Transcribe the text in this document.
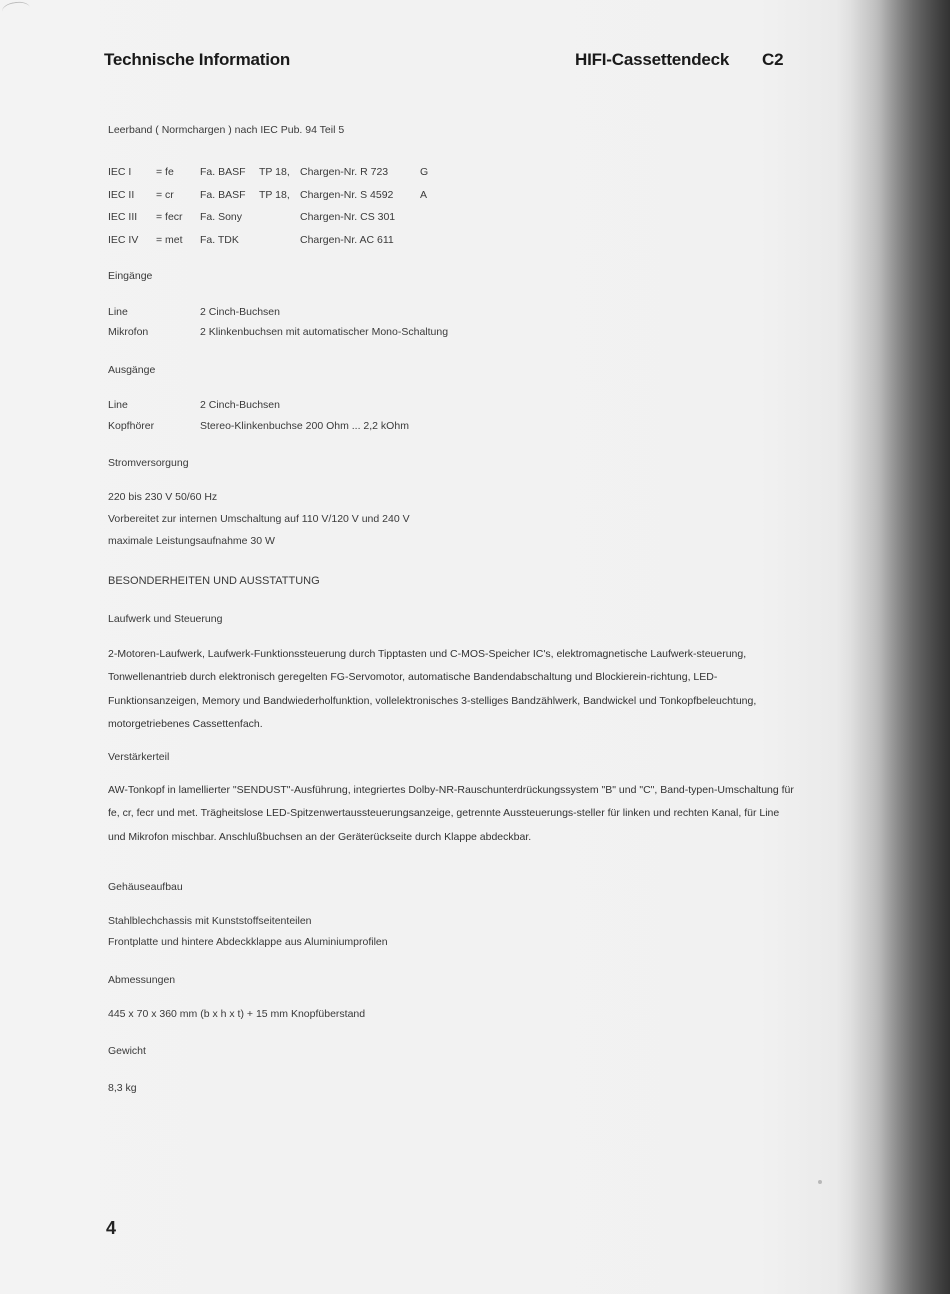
Technische Information	HIFI-Cassettendeck C2
Leerband ( Normchargen ) nach IEC Pub. 94 Teil 5
IEC I = fe Fa. BASF TP 18, Chargen-Nr. R 723	G
IEC II = cr Fa. BASF TP 18, Chargen-Nr. S 4592	A
IEC III = fecr Fa. Sony	Chargen-Nr. CS 301
IEC IV = met Fa. TDK	Chargen-Nr. AC 611
Eingänge
Line	2 Cinch-Buchsen
Mikrofon	2 Klinkenbuchsen mit automatischer Mono-Schaltung
Ausgänge
Line	2 Cinch-Buchsen
Kopfhörer	Stereo-Klinkenbuchse 200 Ohm ... 2,2 kOhm
Stromversorgung
220 bis 230 V 50/60 Hz
Vorbereitet zur internen Umschaltung auf 110 V/120 V und 240 V
maximale Leistungsaufnahme 30 W
BESONDERHEITEN UND AUSSTATTUNG
Laufwerk und Steuerung
2-Motoren-Laufwerk, Laufwerk-Funktionssteuerung durch Tipptasten und C-MOS-Speicher IC's, elektromagnetische Laufwerk-steuerung, Tonwellenantrieb durch elektronisch geregelten FG-Servomotor, automatische Bandendabschaltung und Blockierein-richtung, LED-Funktionsanzeigen, Memory und Bandwiederholfunktion, vollelektronisches 3-stelliges Bandzählwerk, Bandwickel und Tonkopfbeleuchtung, motorgetriebenes Cassettenfach.
Verstärkerteil
AW-Tonkopf in lamellierter "SENDUST"-Ausführung, integriertes Dolby-NR-Rauschunterdrückungssystem "B" und "C", Band-typen-Umschaltung für fe, cr, fecr und met. Trägheitslose LED-Spitzenwertaussteuerungsanzeige, getrennte Aussteuerungs-steller für linken und rechten Kanal, für Line und Mikrofon mischbar. Anschlußbuchsen an der Geräterückseite durch Klappe abdeckbar.
Gehäuseaufbau
Stahlblechchassis mit Kunststoffseitenteilen
Frontplatte und hintere Abdeckklappe aus Aluminiumprofilen
Abmessungen
445 x 70 x 360 mm (b x h x t) + 15 mm Knopfüberstand
Gewicht
8,3 kg
4
